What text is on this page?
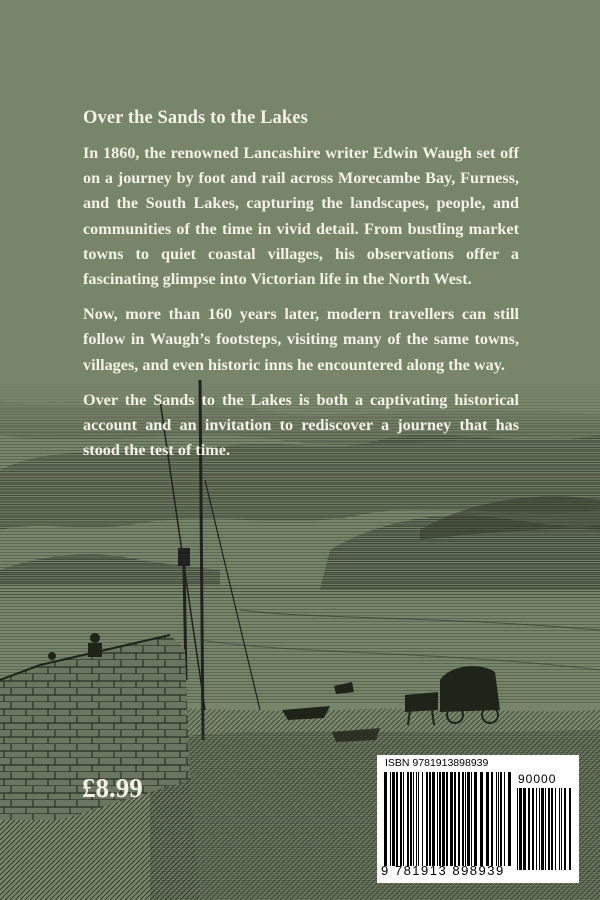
Over the Sands to the Lakes

In 1860, the renowned Lancashire writer Edwin Waugh set off on a journey by foot and rail across Morecambe Bay, Furness, and the South Lakes, capturing the landscapes, people, and communities of the time in vivid detail. From bustling market towns to quiet coastal villages, his observations offer a fascinating glimpse into Victorian life in the North West.

Now, more than 160 years later, modern travellers can still follow in Waugh’s footsteps, visiting many of the same towns, villages, and even historic inns he encountered along the way.

Over the Sands to the Lakes is both a captivating historical account and an invitation to rediscover a journey that has stood the test of time.

£8.99
ISBN 9781913898939
90000
9 781913 898939
